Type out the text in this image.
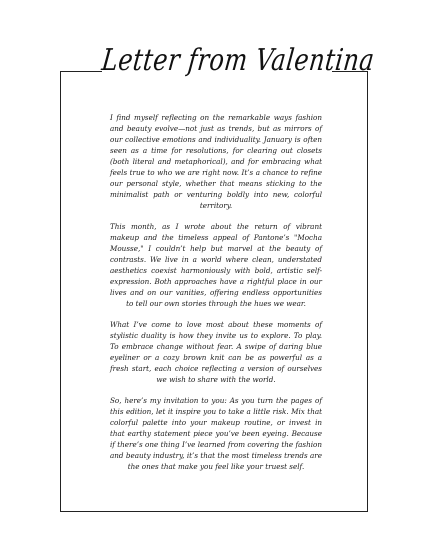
Letter from Valentina

I find myself reflecting on the remarkable ways fashion and beauty evolve—not just as trends, but as mirrors of our collective emotions and individuality. January is often seen as a time for resolutions, for clearing out closets (both literal and metaphorical), and for embracing what feels true to who we are right now. It’s a chance to refine our personal style, whether that means sticking to the minimalist path or venturing boldly into new, colorful territory.

This month, as I wrote about the return of vibrant makeup and the timeless appeal of Pantone’s "Mocha Mousse," I couldn’t help but marvel at the beauty of contrasts. We live in a world where clean, understated aesthetics coexist harmoniously with bold, artistic self-expression. Both approaches have a rightful place in our lives and on our vanities, offering endless opportunities to tell our own stories through the hues we wear.

What I’ve come to love most about these moments of stylistic duality is how they invite us to explore. To play. To embrace change without fear. A swipe of daring blue eyeliner or a cozy brown knit can be as powerful as a fresh start, each choice reflecting a version of ourselves we wish to share with the world.

So, here’s my invitation to you: As you turn the pages of this edition, let it inspire you to take a little risk. Mix that colorful palette into your makeup routine, or invest in that earthy statement piece you’ve been eyeing. Because if there’s one thing I’ve learned from covering the fashion and beauty industry, it’s that the most timeless trends are the ones that make you feel like your truest self.
